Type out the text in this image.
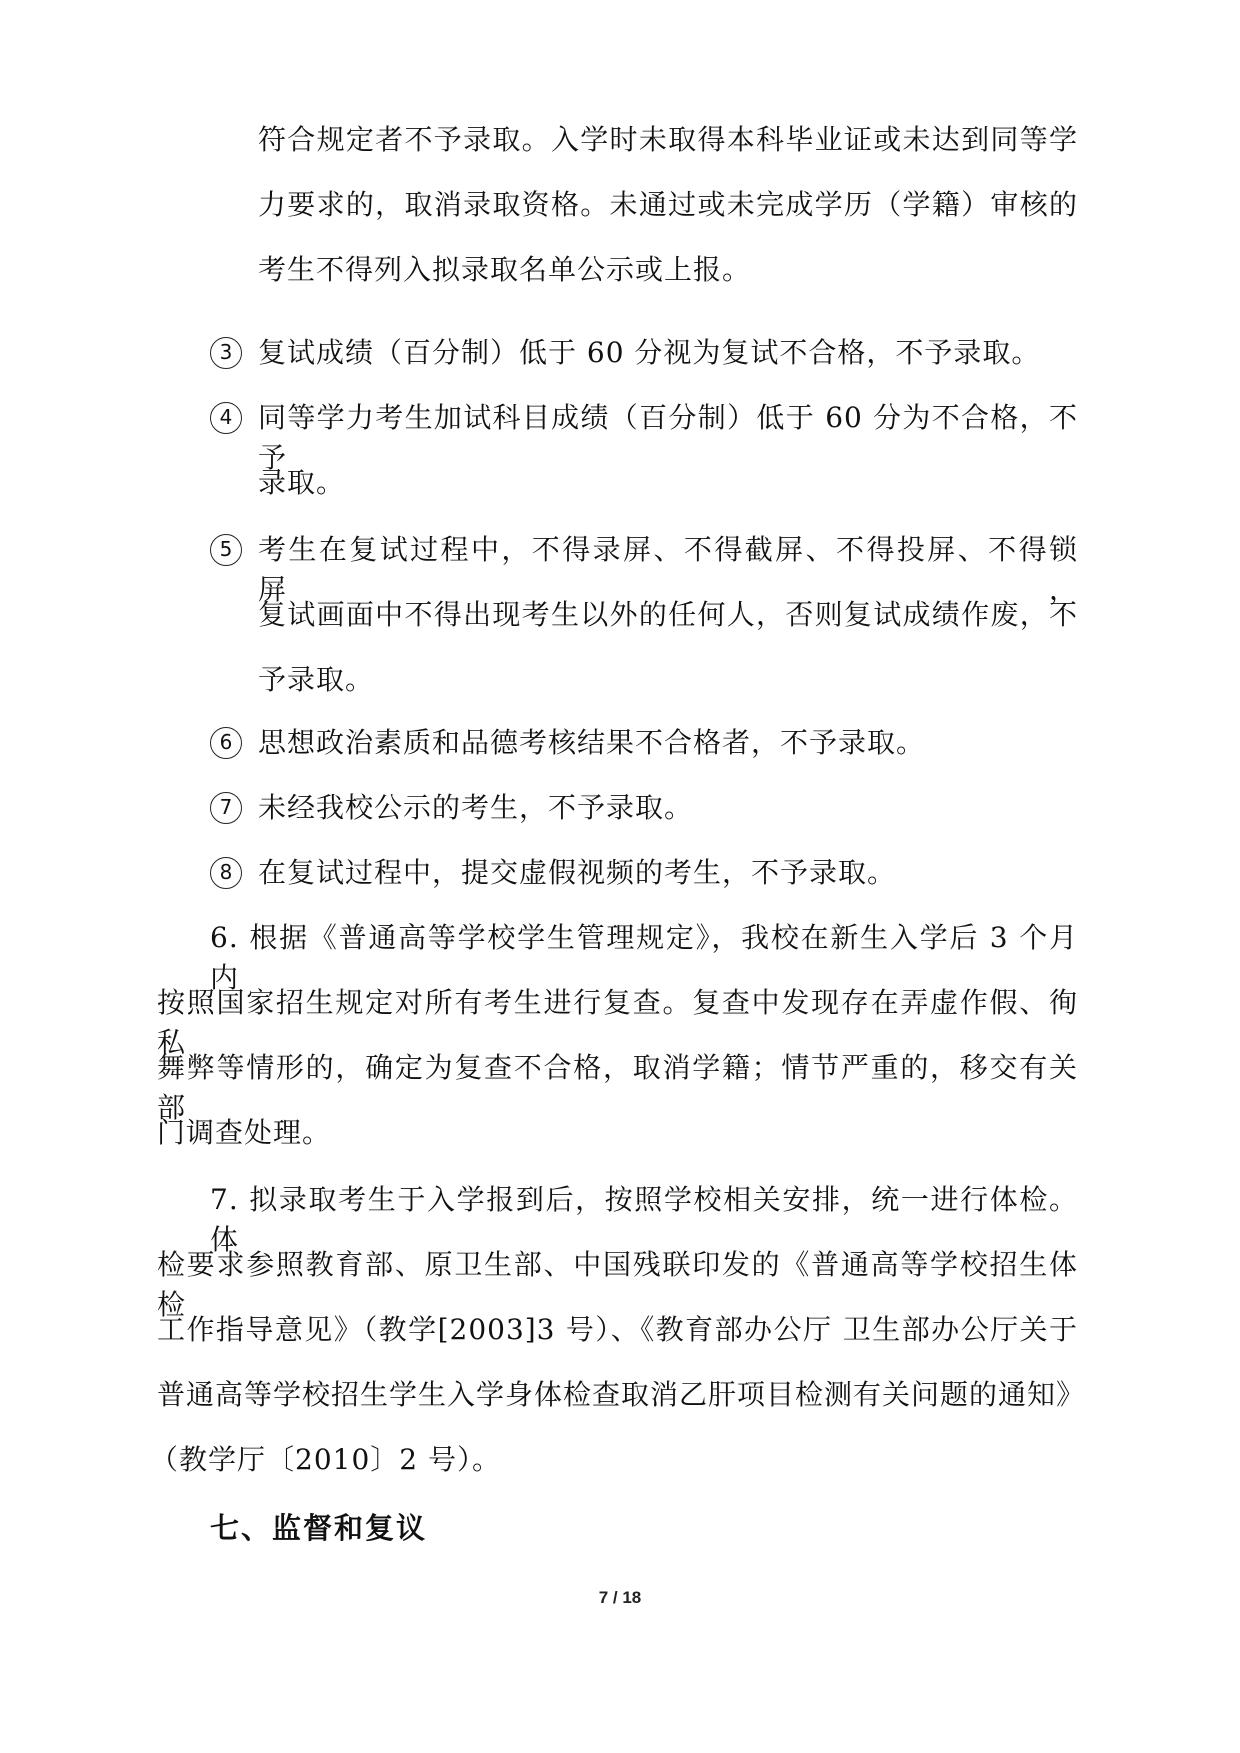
符合规定者不予录取。入学时未取得本科毕业证或未达到同等学
力要求的，取消录取资格。未通过或未完成学历（学籍）审核的
考生不得列入拟录取名单公示或上报。
3 复试成绩（百分制）低于 60 分视为复试不合格，不予录取。
4 同等学力考生加试科目成绩（百分制）低于 60 分为不合格，不予
录取。
5 考生在复试过程中，不得录屏、不得截屏、不得投屏、不得锁屏，
复试画面中不得出现考生以外的任何人，否则复试成绩作废，不
予录取。
6 思想政治素质和品德考核结果不合格者，不予录取。
7 未经我校公示的考生，不予录取。
8 在复试过程中，提交虚假视频的考生，不予录取。
6. 根据《普通高等学校学生管理规定》，我校在新生入学后 3 个月内
按照国家招生规定对所有考生进行复查。复查中发现存在弄虚作假、徇私
舞弊等情形的，确定为复查不合格，取消学籍；情节严重的，移交有关部
门调查处理。
7. 拟录取考生于入学报到后，按照学校相关安排，统一进行体检。体
检要求参照教育部、原卫生部、中国残联印发的《普通高等学校招生体检
工作指导意见》（教学[2003]3 号）、《教育部办公厅 卫生部办公厅关于
普通高等学校招生学生入学身体检查取消乙肝项目检测有关问题的通知》
（教学厅〔2010〕2 号）。
七、监督和复议
7 / 18
